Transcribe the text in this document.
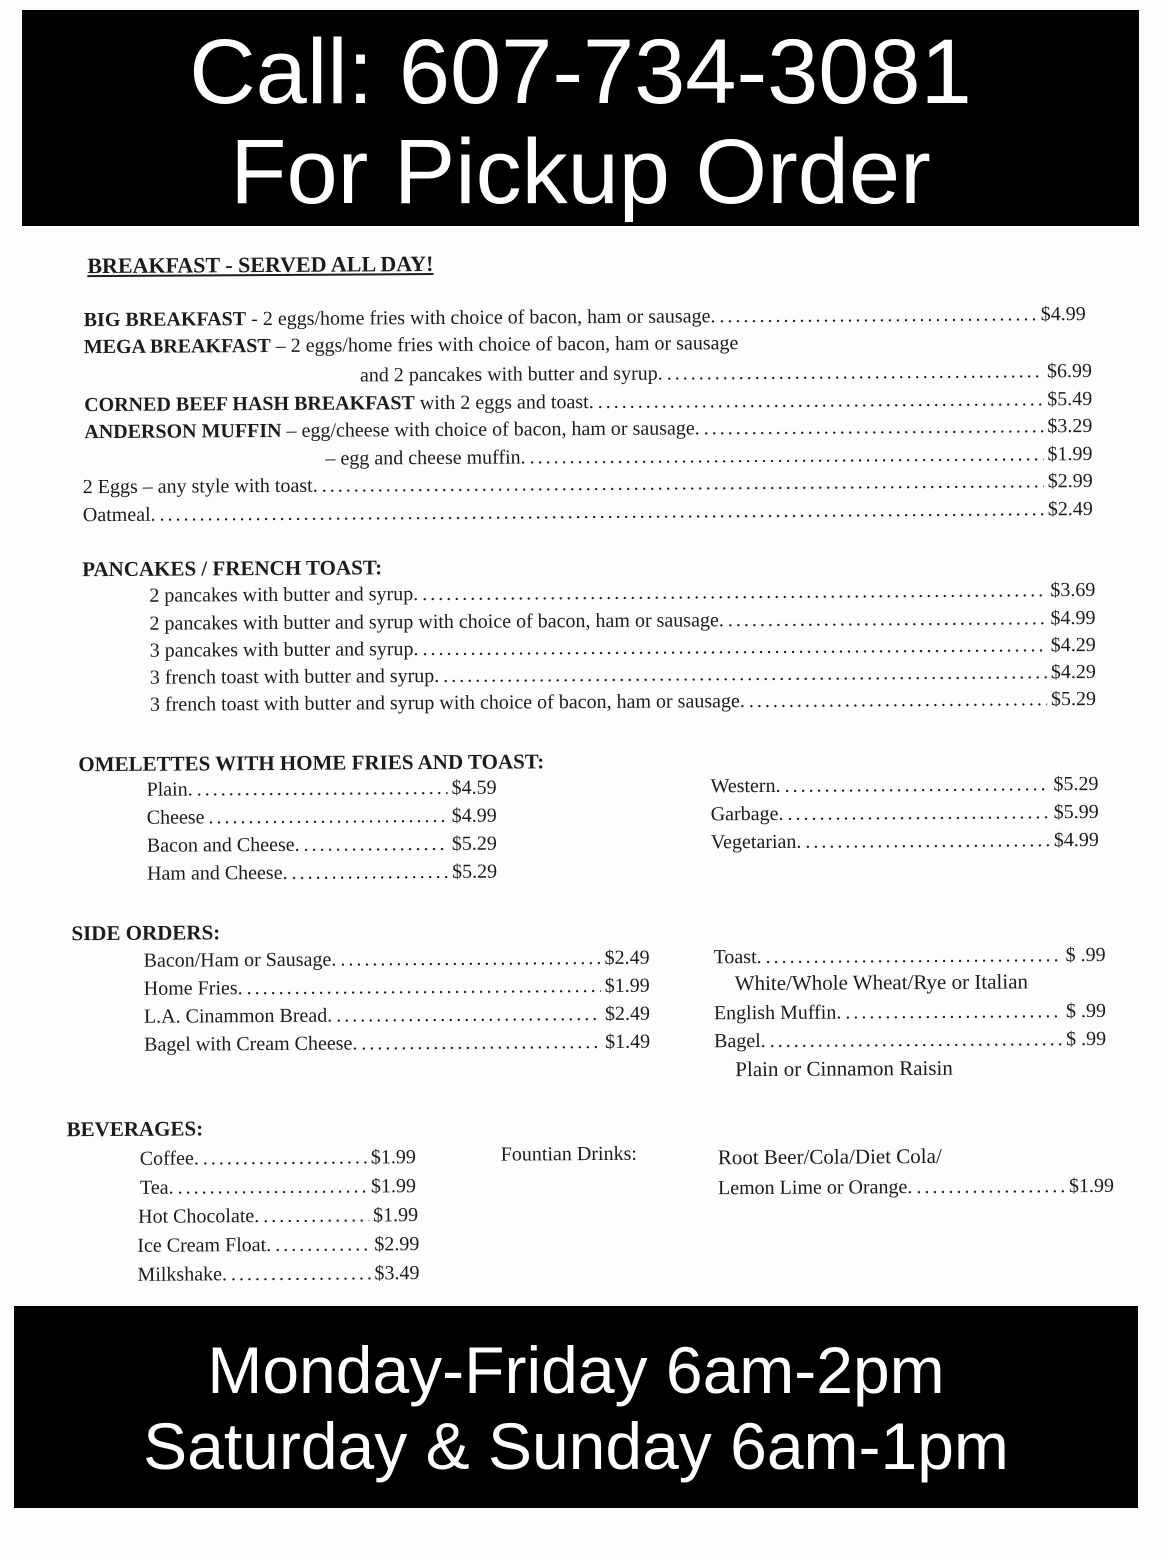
Call: 607-734-3081
For Pickup Order
BREAKFAST - SERVED ALL DAY!
BIG BREAKFAST - 2 eggs/home fries with choice of bacon, ham or sausage. .....	$4.99
MEGA BREAKFAST – 2 eggs/home fries with choice of bacon, ham or sausage
and 2 pancakes with butter and syrup. .....	$6.99
CORNED BEEF HASH BREAKFAST with 2 eggs and toast. .....	$5.49
ANDERSON MUFFIN – egg/cheese with choice of bacon, ham or sausage. .....	$3.29
– egg and cheese muffin. .....	$1.99
2 Eggs – any style with toast. .....	$2.99
Oatmeal. .....	$2.49
PANCAKES / FRENCH TOAST:
2 pancakes with butter and syrup. .....	$3.69
2 pancakes with butter and syrup with choice of bacon, ham or sausage. .....	$4.99
3 pancakes with butter and syrup. .....	$4.29
3 french toast with butter and syrup. .....	$4.29
3 french toast with butter and syrup with choice of bacon, ham or sausage. .....	$5.29
OMELETTES WITH HOME FRIES AND TOAST:
Plain. .....	$4.59
Cheese .....	$4.99
Bacon and Cheese. .....	$5.29
Ham and Cheese. .....	$5.29
Western. .....	$5.29
Garbage. .....	$5.99
Vegetarian. .....	$4.99
SIDE ORDERS:
Bacon/Ham or Sausage. .....	$2.49
Home Fries. .....	$1.99
L.A. Cinammon Bread. .....	$2.49
Bagel with Cream Cheese. .....	$1.49
Toast. .....	$ .99
White/Whole Wheat/Rye or Italian
English Muffin. .....	$ .99
Bagel. .....	$ .99
Plain or Cinnamon Raisin
BEVERAGES:
Coffee. .....	$1.99
Tea. .....	$1.99
Hot Chocolate. .....	$1.99
Ice Cream Float. .....	$2.99
Milkshake. .....	$3.49
Fountian Drinks:	Root Beer/Cola/Diet Cola/
Lemon Lime or Orange. .....	$1.99
Monday-Friday 6am-2pm
Saturday & Sunday 6am-1pm
